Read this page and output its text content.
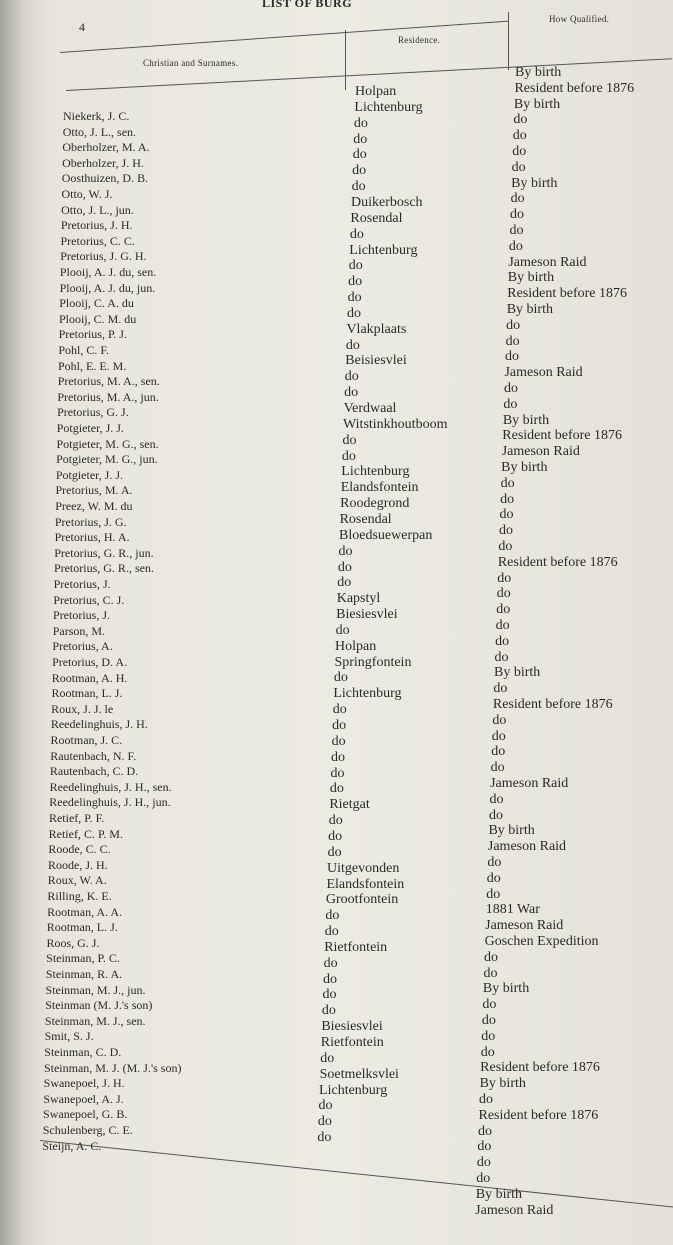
LIST OF BURG
4
Christian and Surnames.
Residence.
How Qualified.
Niekerk, J. C.
Otto, J. L., sen.
Oberholzer, M. A.
Oberholzer, J. H.
Oosthuizen, D. B.
Otto, W. J.
Otto, J. L., jun.
Pretorius, J. H.
Pretorius, C. C.
Pretorius, J. G. H.
Plooij, A. J. du, sen.
Plooij, A. J. du, jun.
Plooij, C. A. du
Plooij, C. M. du
Pretorius, P. J.
Pohl, C. F.
Pohl, E. E. M.
Pretorius, M. A., sen.
Pretorius, M. A., jun.
Pretorius, G. J.
Potgieter, J. J.
Potgieter, M. G., sen.
Potgieter, M. G., jun.
Potgieter, J. J.
Pretorius, M. A.
Preez, W. M. du
Pretorius, J. G.
Pretorius, H. A.
Pretorius, G. R., jun.
Pretorius, G. R., sen.
Pretorius, J.
Pretorius, C. J.
Pretorius, J.
Parson, M.
Pretorius, A.
Pretorius, D. A.
Rootman, A. H.
Rootman, L. J.
Roux, J. J. le
Reedelinghuis, J. H.
Rootman, J. C.
Rautenbach, N. F.
Rautenbach, C. D.
Reedelinghuis, J. H., sen.
Reedelinghuis, J. H., jun.
Retief, P. F.
Retief, C. P. M.
Roode, C. C.
Roode, J. H.
Roux, W. A.
Rilling, K. E.
Rootman, A. A.
Rootman, L. J.
Roos, G. J.
Steinman, P. C.
Steinman, R. A.
Steinman, M. J., jun.
Steinman (M. J.'s son)
Steinman, M. J., sen.
Smit, S. J.
Steinman, C. D.
Steinman, M. J. (M. J.'s son)
Swanepoel, J. H.
Swanepoel, A. J.
Swanepoel, G. B.
Schulenberg, C. E.
Steijn, A. C.
Holpan
Lichtenburg
do
do
do
do
do
Duikerbosch
Rosendal
do
Lichtenburg
do
do
do
do
Vlakplaats
do
Beisiesvlei
do
do
Verdwaal
Witstinkhoutboom
do
do
Lichtenburg
Elandsfontein
Roodegrond
Rosendal
Bloedsuewerpan
do
do
do
Kapstyl
Biesiesvlei
do
Holpan
Springfontein
do
Lichtenburg
do
do
do
do
do
do
Rietgat
do
do
do
Uitgevonden
Elandsfontein
Grootfontein
do
do
Rietfontein
do
do
do
do
Biesiesvlei
Rietfontein
do
Soetmelksvlei
Lichtenburg
do
do
do
By birth
Resident before 1876
By birth
do
do
do
do
By birth
do
do
do
do
Jameson Raid
By birth
Resident before 1876
By birth
do
do
do
Jameson Raid
do
do
By birth
Resident before 1876
Jameson Raid
By birth
do
do
do
do
do
Resident before 1876
do
do
do
do
do
do
By birth
do
Resident before 1876
do
do
do
do
Jameson Raid
do
do
By birth
Jameson Raid
do
do
do
1881 War
Jameson Raid
Goschen Expedition
do
do
By birth
do
do
do
do
Resident before 1876
By birth
do
Resident before 1876
do
do
do
do
By birth
Jameson Raid
